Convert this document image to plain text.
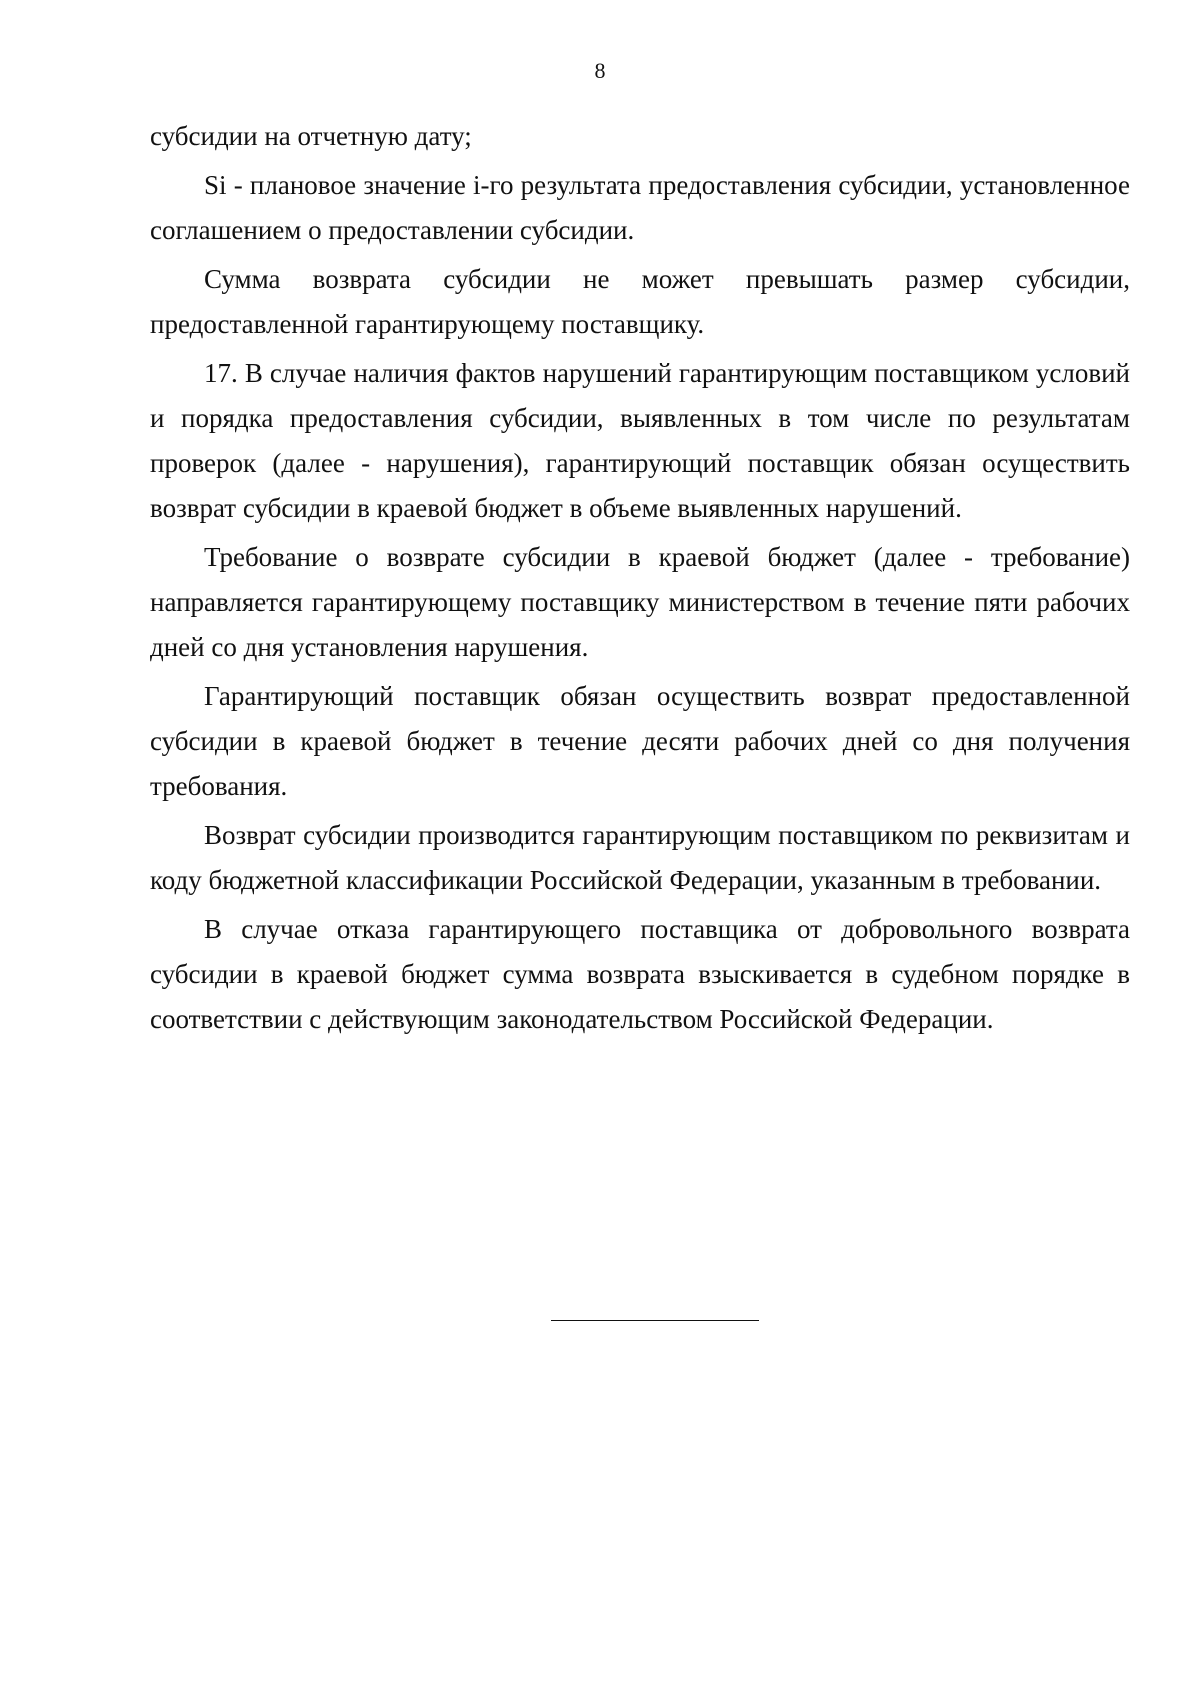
8

субсидии на отчетную дату;

Si - плановое значение i-го результата предоставления субсидии, установленное соглашением о предоставлении субсидии.

Сумма возврата субсидии не может превышать размер субсидии, предоставленной гарантирующему поставщику.

17. В случае наличия фактов нарушений гарантирующим поставщиком условий и порядка предоставления субсидии, выявленных в том числе по результатам проверок (далее - нарушения), гарантирующий поставщик обязан осуществить возврат субсидии в краевой бюджет в объеме выявленных нарушений.

Требование о возврате субсидии в краевой бюджет (далее - требование) направляется гарантирующему поставщику министерством в течение пяти рабочих дней со дня установления нарушения.

Гарантирующий поставщик обязан осуществить возврат предоставленной субсидии в краевой бюджет в течение десяти рабочих дней со дня получения требования.

Возврат субсидии производится гарантирующим поставщиком по реквизитам и коду бюджетной классификации Российской Федерации, указанным в требовании.

В случае отказа гарантирующего поставщика от добровольного возврата субсидии в краевой бюджет сумма возврата взыскивается в судебном порядке в соответствии с действующим законодательством Российской Федерации.
